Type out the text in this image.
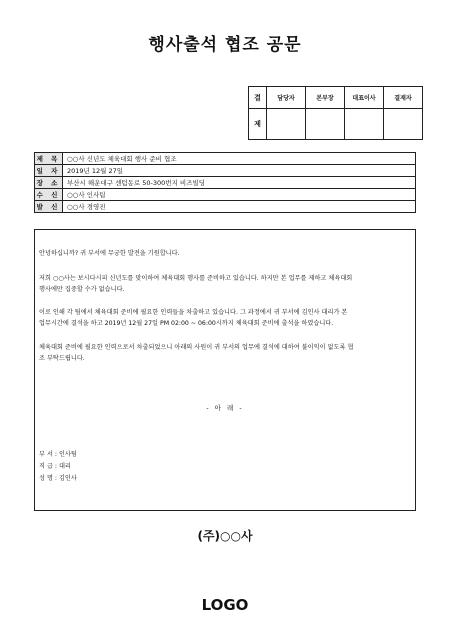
행사출석 협조 공문
결	담당자	본부장	대표이사	결재자
제				
제 목	○○사 신년도 체육대회 행사 준비 협조
일 자	2019년 12월 27일
장 소	부산시 해운대구 센텀동로 50-300번지 비즈빌딩
수 신	○○사 인사팀
발 신	○○사 경영진

안녕하십니까? 귀 부서에 무궁한 발전을 기원합니다.

저희 ○○사는 보시다시피 신년도를 맞이하여 체육대회 행사를 준비하고 있습니다. 하지만 본 업무를 제하고 체육대회

행사에만 집중할 수가 없습니다.

이로 인해 각 팀에서 체육대회 준비에 필요한 인력들을 차출하고 있습니다. 그 과정에서 귀 부서에 김인사 대리가 본

업무시간에 결석을 하고 2019년 12월 27일 PM 02:00 ~ 06:00시까지 체육대회 준비에 출석을 하였습니다.

체육대회 준비에 필요한 인력으로서 차출되었으니 아래의 사원이 귀 부서의 업무에 결석에 대하여 불이익이 없도록 협

조 부탁드립니다.

- 아 래 -
부 서 : 인사팀
직 급 : 대리
성 명 : 김인사
(주)○○사
LOGO
